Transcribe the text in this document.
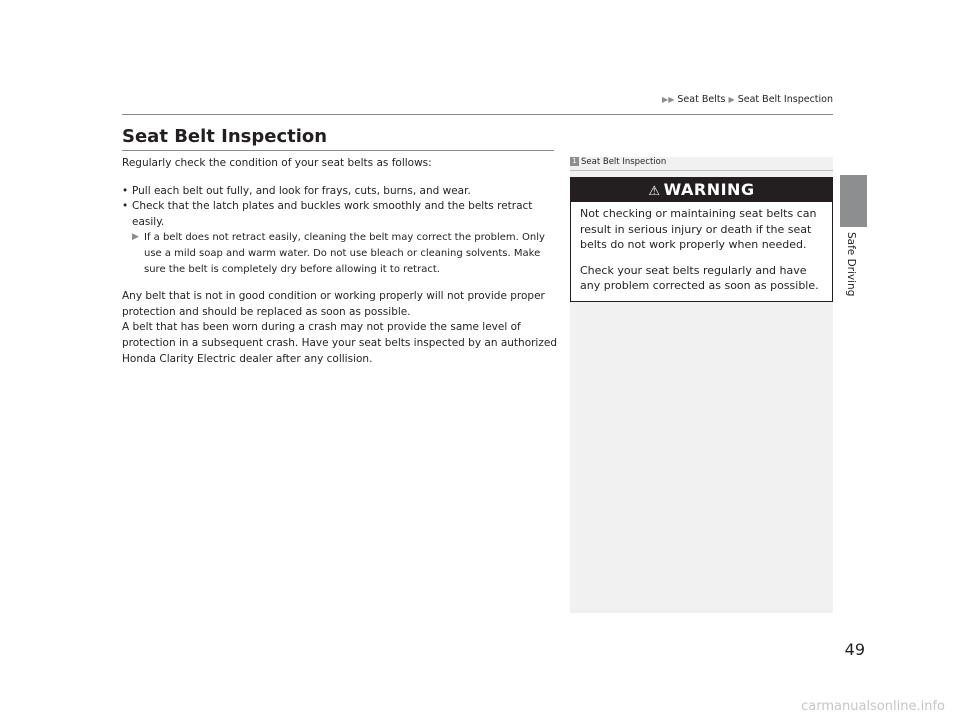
▶▶ Seat Belts ▶ Seat Belt Inspection
Safe Driving
Seat Belt Inspection

Regularly check the condition of your seat belts as follows:

• Pull each belt out fully, and look for frays, cuts, burns, and wear.
• Check that the latch plates and buckles work smoothly and the belts retract easily.
▶ If a belt does not retract easily, cleaning the belt may correct the problem. Only use a mild soap and warm water. Do not use bleach or cleaning solvents. Make sure the belt is completely dry before allowing it to retract.

Any belt that is not in good condition or working properly will not provide proper protection and should be replaced as soon as possible.

A belt that has been worn during a crash may not provide the same level of protection in a subsequent crash. Have your seat belts inspected by an authorized Honda Clarity Electric dealer after any collision.

1 Seat Belt Inspection
⚠ WARNING

Not checking or maintaining seat belts can result in serious injury or death if the seat belts do not work properly when needed.

Check your seat belts regularly and have any problem corrected as soon as possible.

49
carmanualsonline.info
